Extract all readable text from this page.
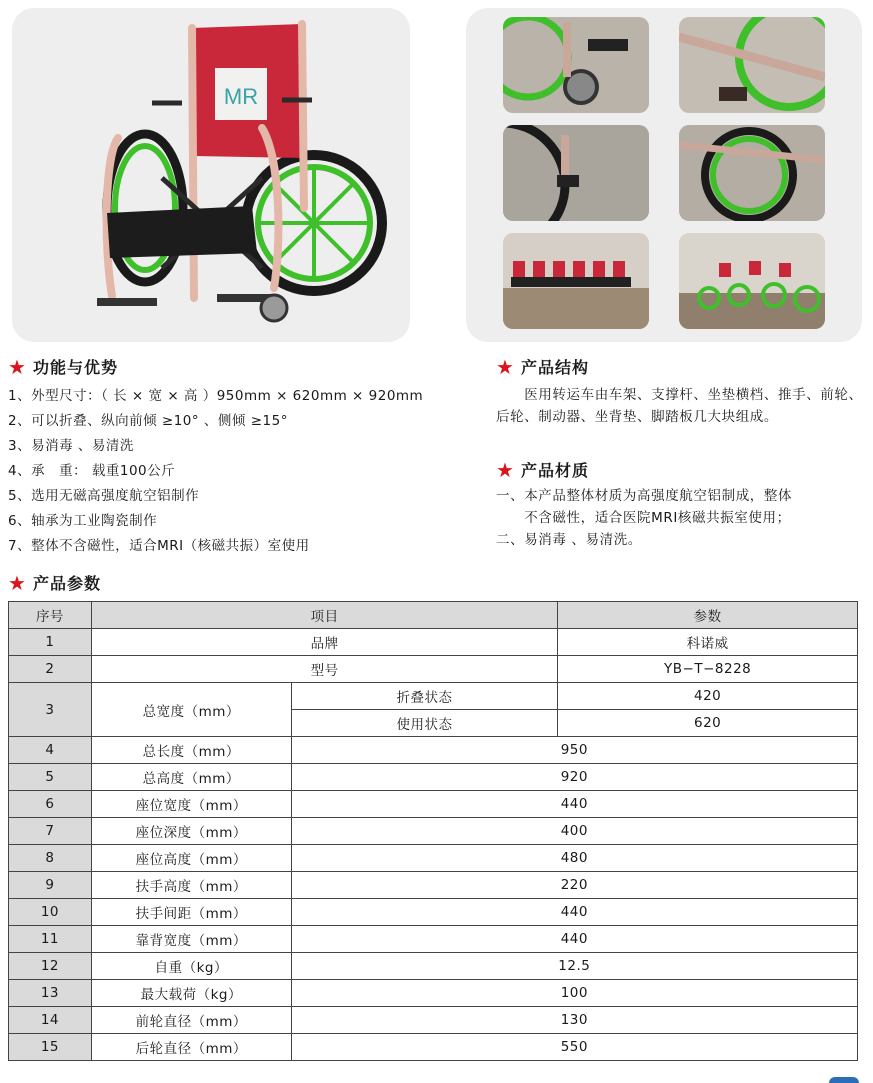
MR
★ 功能与优势
1、外型尺寸：（ 长 × 宽 × 高 ）950mm × 620mm × 920mm
2、可以折叠、纵向前倾 ≥10° 、侧倾 ≥15°
3、易消毒 、易清洗
4、承　重： 载重100公斤
5、选用无磁高强度航空铝制作
6、轴承为工业陶瓷制作
7、整体不含磁性，适合MRI（核磁共振）室使用
★ 产品结构
　　医用转运车由车架、支撑杆、坐垫横档、推手、前轮、后轮、制动器、坐背垫、脚踏板几大块组成。
★ 产品材质
一、本产品整体材质为高强度航空铝制成，整体
　　不含磁性，适合医院MRI核磁共振室使用；
二、易消毒 、易清洗。
★ 产品参数
序号	项目		参数
1	品牌		科诺威
2	型号		YB−T−8228
3	总宽度（mm）	折叠状态	420
		使用状态	620
4	总长度（mm）	950	
5	总高度（mm）	920	
6	座位宽度（mm）	440	
7	座位深度（mm）	400	
8	座位高度（mm）	480	
9	扶手高度（mm）	220	
10	扶手间距（mm）	440	
11	靠背宽度（mm）	440	
12	自重（kg）	12.5	
13	最大载荷（kg）	100	
14	前轮直径（mm）	130	
15	后轮直径（mm）	550	
